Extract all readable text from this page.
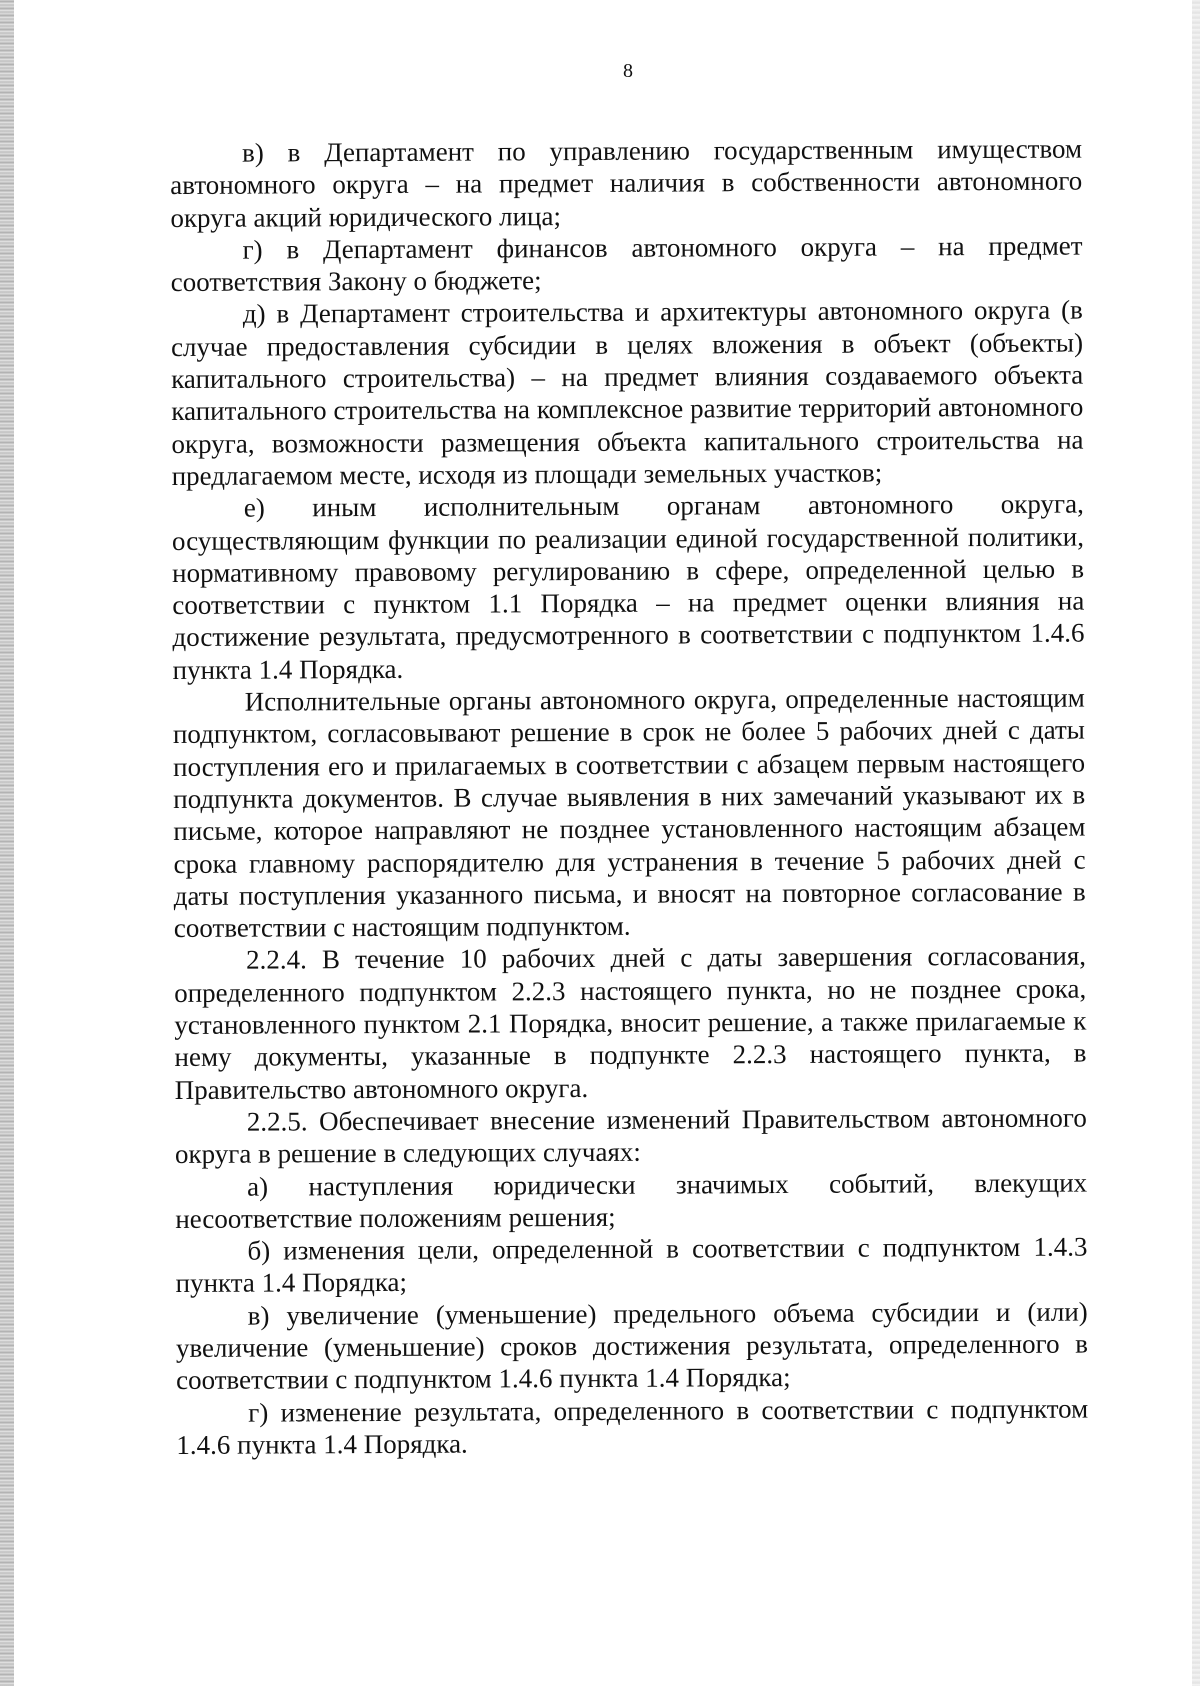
8

в) в Департамент по управлению государственным имуществом автономного округа – на предмет наличия в собственности автономного округа акций юридического лица;

г) в Департамент финансов автономного округа – на предмет соответствия Закону о бюджете;

д) в Департамент строительства и архитектуры автономного округа (в случае предоставления субсидии в целях вложения в объект (объекты) капитального строительства) – на предмет влияния создаваемого объекта капитального строительства на комплексное развитие территорий автономного округа, возможности размещения объекта капитального строительства на предлагаемом месте, исходя из площади земельных участков;

е) иным исполнительным органам автономного округа, осуществляющим функции по реализации единой государственной политики, нормативному правовому регулированию в сфере, определенной целью в соответствии с пунктом 1.1 Порядка – на предмет оценки влияния на достижение результата, предусмотренного в соответствии с подпунктом 1.4.6 пункта 1.4 Порядка.

Исполнительные органы автономного округа, определенные настоящим подпунктом, согласовывают решение в срок не более 5 рабочих дней с даты поступления его и прилагаемых в соответствии с абзацем первым настоящего подпункта документов. В случае выявления в них замечаний указывают их в письме, которое направляют не позднее установленного настоящим абзацем срока главному распорядителю для устранения в течение 5 рабочих дней с даты поступления указанного письма, и вносят на повторное согласование в соответствии с настоящим подпунктом.

2.2.4. В течение 10 рабочих дней с даты завершения согласования, определенного подпунктом 2.2.3 настоящего пункта, но не позднее срока, установленного пунктом 2.1 Порядка, вносит решение, а также прилагаемые к нему документы, указанные в подпункте 2.2.3 настоящего пункта, в Правительство автономного округа.

2.2.5. Обеспечивает внесение изменений Правительством автономного округа в решение в следующих случаях:

а) наступления юридически значимых событий, влекущих несоответствие положениям решения;

б) изменения цели, определенной в соответствии с подпунктом 1.4.3 пункта 1.4 Порядка;

в) увеличение (уменьшение) предельного объема субсидии и (или) увеличение (уменьшение) сроков достижения результата, определенного в соответствии с подпунктом 1.4.6 пункта 1.4 Порядка;

г) изменение результата, определенного в соответствии с подпунктом 1.4.6 пункта 1.4 Порядка.
